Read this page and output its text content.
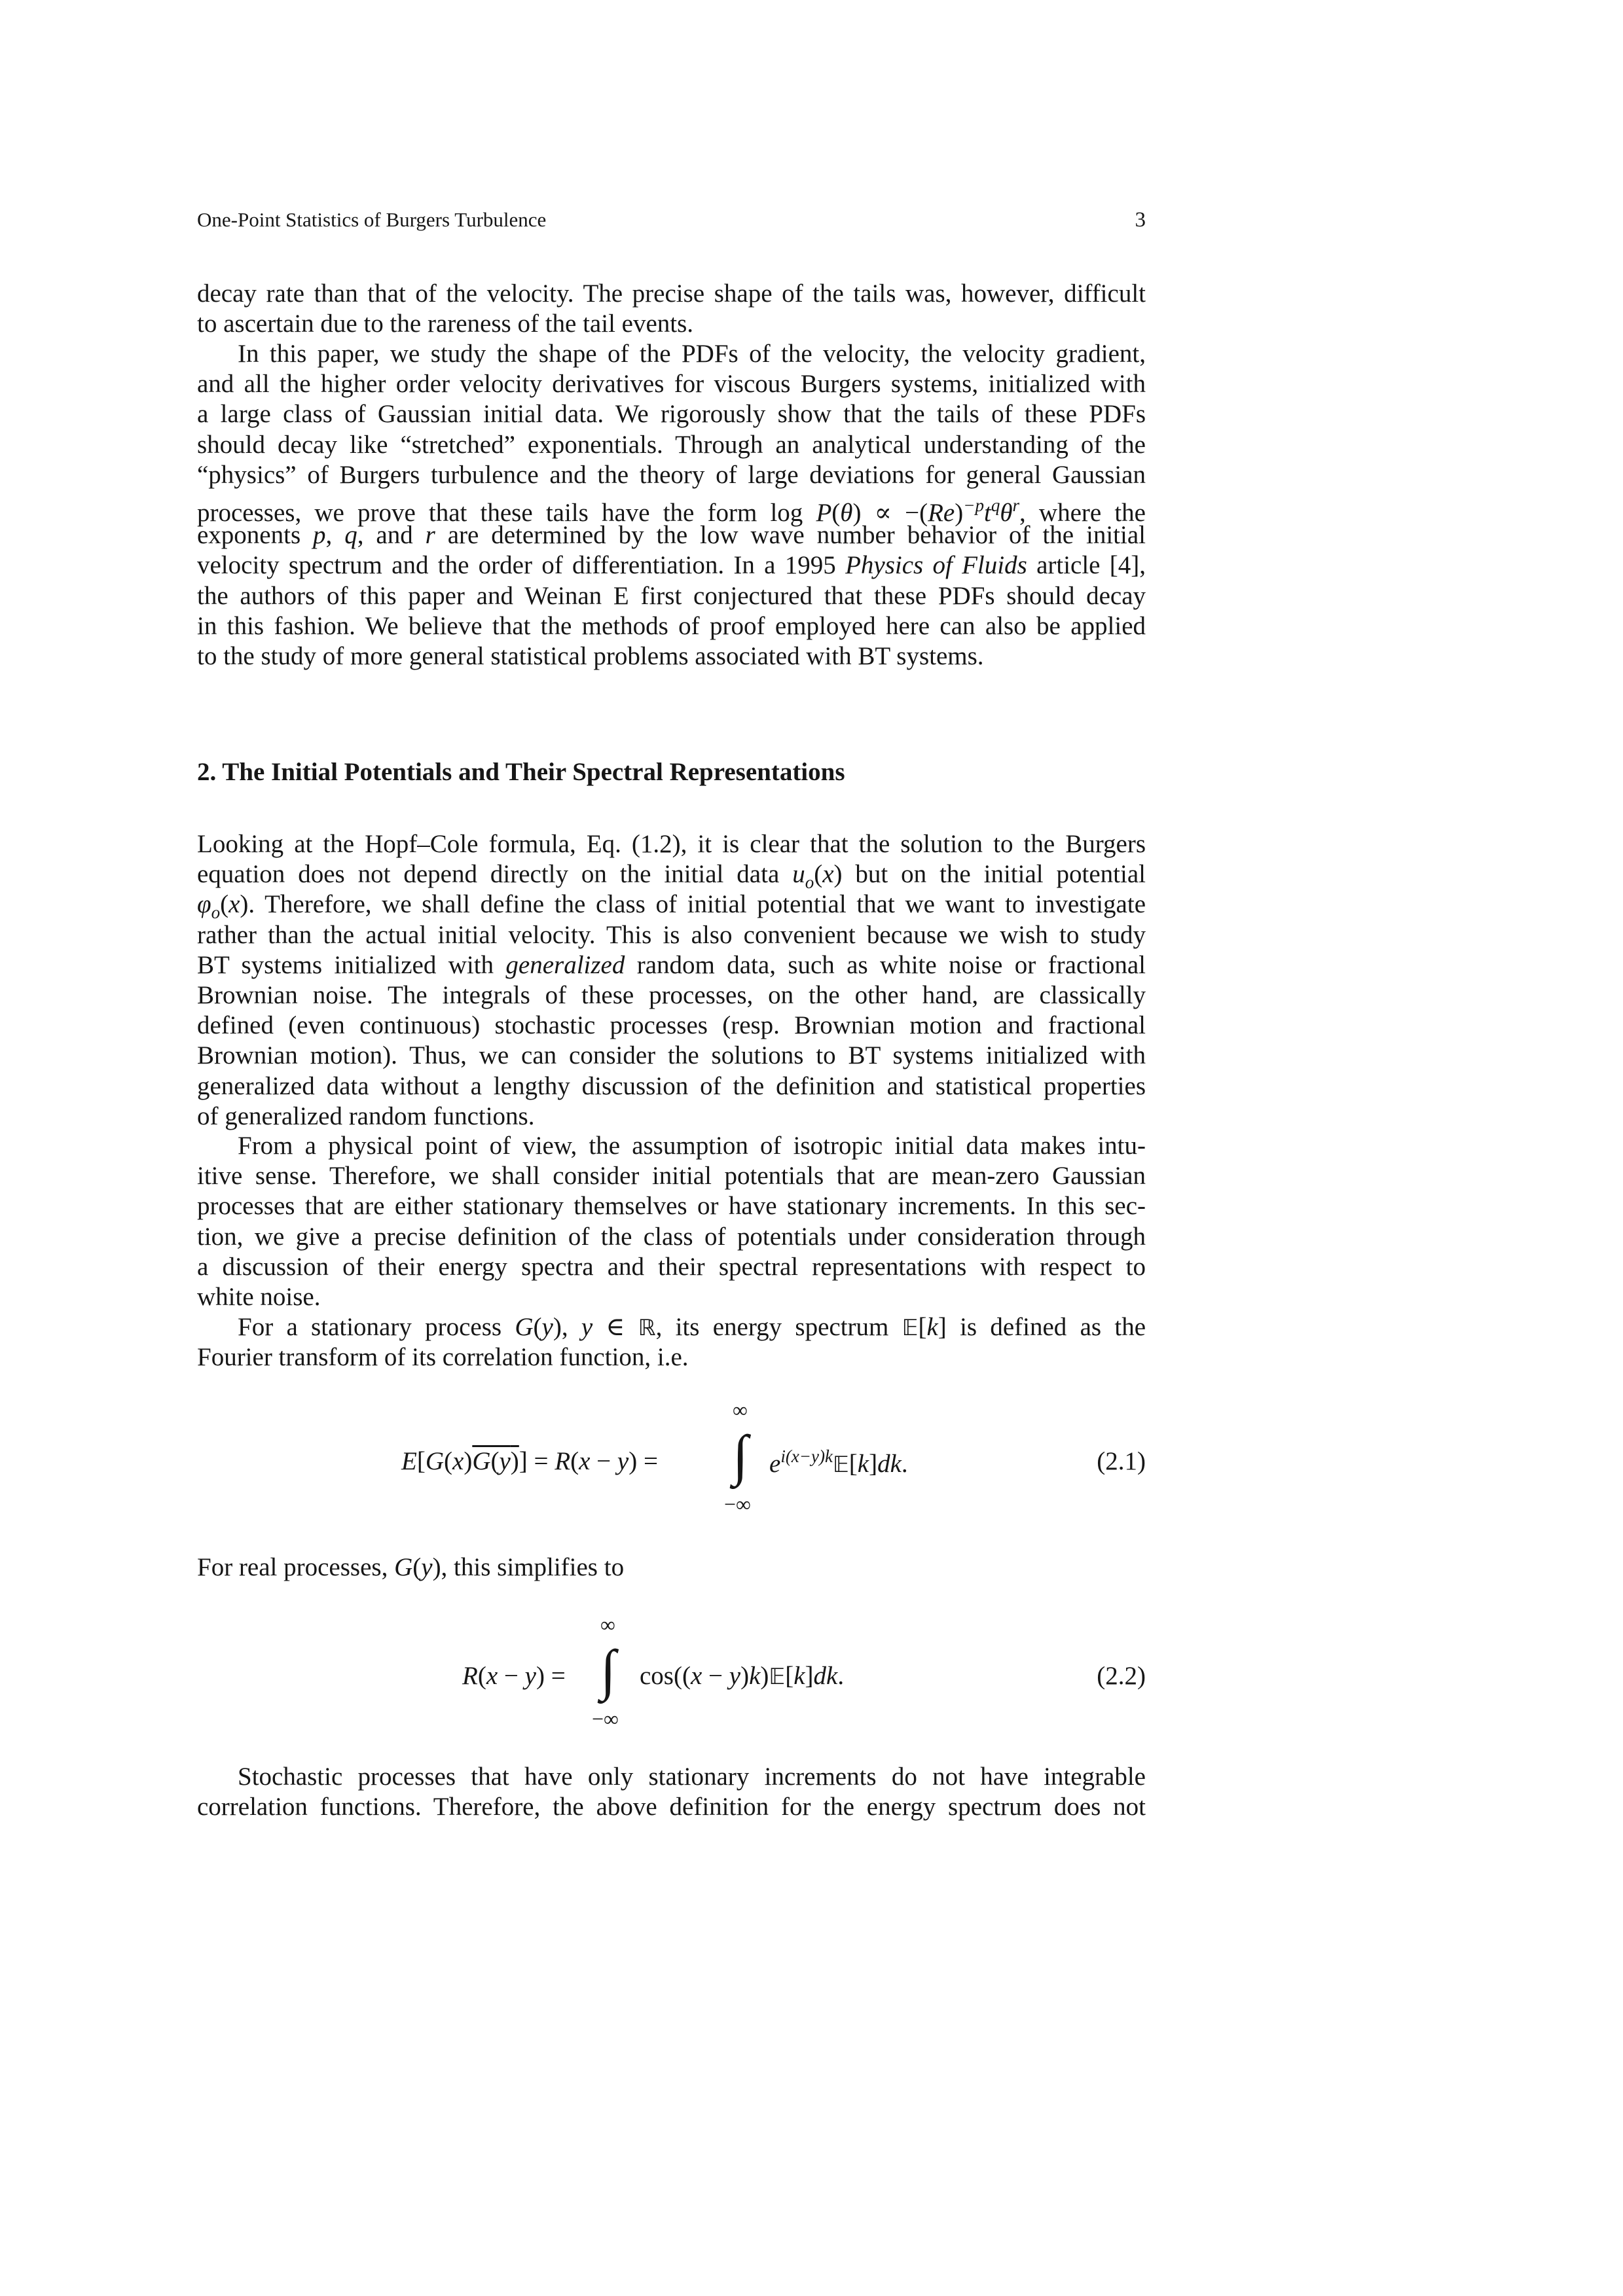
One-Point Statistics of Burgers Turbulence	3
decay rate than that of the velocity. The precise shape of the tails was, however, difficult
to ascertain due to the rareness of the tail events.
In this paper, we study the shape of the PDFs of the velocity, the velocity gradient,
and all the higher order velocity derivatives for viscous Burgers systems, initialized with
a large class of Gaussian initial data. We rigorously show that the tails of these PDFs
should decay like “stretched” exponentials. Through an analytical understanding of the
“physics” of Burgers turbulence and the theory of large deviations for general Gaussian
processes, we prove that these tails have the form $\log P(\theta) \propto -(Re)^{-p}t^q\theta^r$, where the
exponents p, q, and r are determined by the low wave number behavior of the initial
velocity spectrum and the order of differentiation. In a 1995 Physics of Fluids article [4],
the authors of this paper and Weinan E first conjectured that these PDFs should decay
in this fashion. We believe that the methods of proof employed here can also be applied
to the study of more general statistical problems associated with BT systems.
2. The Initial Potentials and Their Spectral Representations
Looking at the Hopf–Cole formula, Eq. (1.2), it is clear that the solution to the Burgers
equation does not depend directly on the initial data $u_o(x)$ but on the initial potential
$\varphi_o(x)$. Therefore, we shall define the class of initial potential that we want to investigate
rather than the actual initial velocity. This is also convenient because we wish to study
BT systems initialized with generalized random data, such as white noise or fractional
Brownian noise. The integrals of these processes, on the other hand, are classically
defined (even continuous) stochastic processes (resp. Brownian motion and fractional
Brownian motion). Thus, we can consider the solutions to BT systems initialized with
generalized data without a lengthy discussion of the definition and statistical properties
of generalized random functions.
From a physical point of view, the assumption of isotropic initial data makes intu-
itive sense. Therefore, we shall consider initial potentials that are mean-zero Gaussian
processes that are either stationary themselves or have stationary increments. In this sec-
tion, we give a precise definition of the class of potentials under consideration through
a discussion of their energy spectra and their spectral representations with respect to
white noise.
For a stationary process G(y), y ∈ ℝ, its energy spectrum 𝔼[k] is defined as the
Fourier transform of its correlation function, i.e.
E[G(x)G(y)] = R(x − y) =
∞
∫
−∞
$e^{i(x-y)k}𝔼[k]dk$.	(2.1)
For real processes, G(y), this simplifies to
R(x − y) =
∞
∫
−∞
cos((x − y)k)𝔼[k]dk.	(2.2)
Stochastic processes that have only stationary increments do not have integrable
correlation functions. Therefore, the above definition for the energy spectrum does not
